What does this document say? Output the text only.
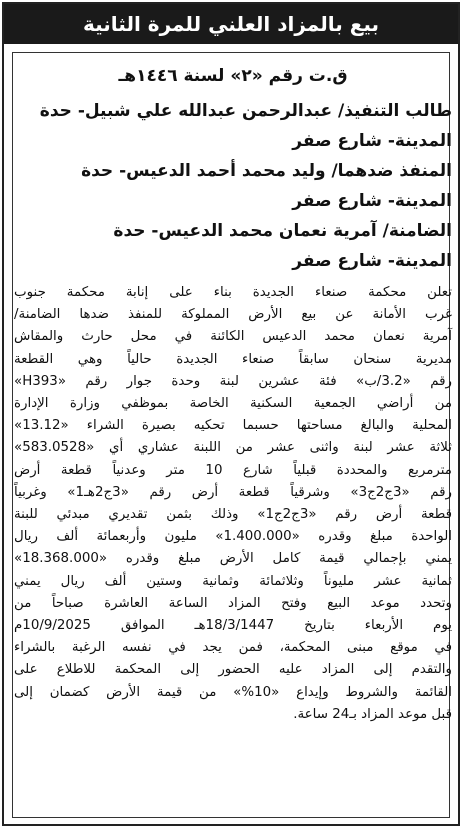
بيع بالمزاد العلني للمرة الثانية
ق.ت رقم «٢» لسنة ١٤٤٦هـ
طالب التنفيذ/ عبدالرحمن عبدالله علي شبيل- حدة
المدينة- شارع صفر
المنفذ ضدهما/ وليد محمد أحمد الدعيس- حدة
المدينة- شارع صفر
الضامنة/ آمرية نعمان محمد الدعيس- حدة
المدينة- شارع صفر
تعلن محكمة صنعاء الجديدة بناء على إنابة محكمة جنوب
غرب الأمانة عن بيع الأرض المملوكة للمنفذ ضدها الضامنة/
آمرية نعمان محمد الدعيس الكائنة في محل حارث والمقاش
مديرية سنحان سابقاً صنعاء الجديدة حالياً وهي القطعة
رقم «3.2/ب» فئة عشرين لبنة وحدة جوار رقم «H393»
من أراضي الجمعية السكنية الخاصة بموظفي وزارة الإدارة
المحلية والبالغ مساحتها حسبما تحكيه بصيرة الشراء «13.12»
ثلاثة عشر لبنة واثنى عشر من اللبنة عشاري أي «583.0528»
مترمربع والمحددة قبلياً شارع 10 متر وعدنياً قطعة أرض
رقم «3ج2ج3» وشرقياً قطعة أرض رقم «3ج2هـ1» وغربياً
قطعة أرض رقم «3ج2ج1» وذلك بثمن تقديري مبدئي للبنة
الواحدة مبلغ وقدره «1.400.000» مليون وأربعمائة ألف ريال
يمني بإجمالي قيمة كامل الأرض مبلغ وقدره «18.368.000»
ثمانية عشر مليوناً وثلاثمائة وثمانية وستين ألف ريال يمني
وتحدد موعد البيع وفتح المزاد الساعة العاشرة صباحاً من
يوم الأربعاء بتاريخ 18/3/1447هـ الموافق 10/9/2025م
في موقع مبنى المحكمة، فمن يجد في نفسه الرغبة بالشراء
والتقدم إلى المزاد عليه الحضور إلى المحكمة للاطلاع على
القائمة والشروط وإيداع «10%» من قيمة الأرض كضمان إلى
قبل موعد المزاد بـ24 ساعة.
